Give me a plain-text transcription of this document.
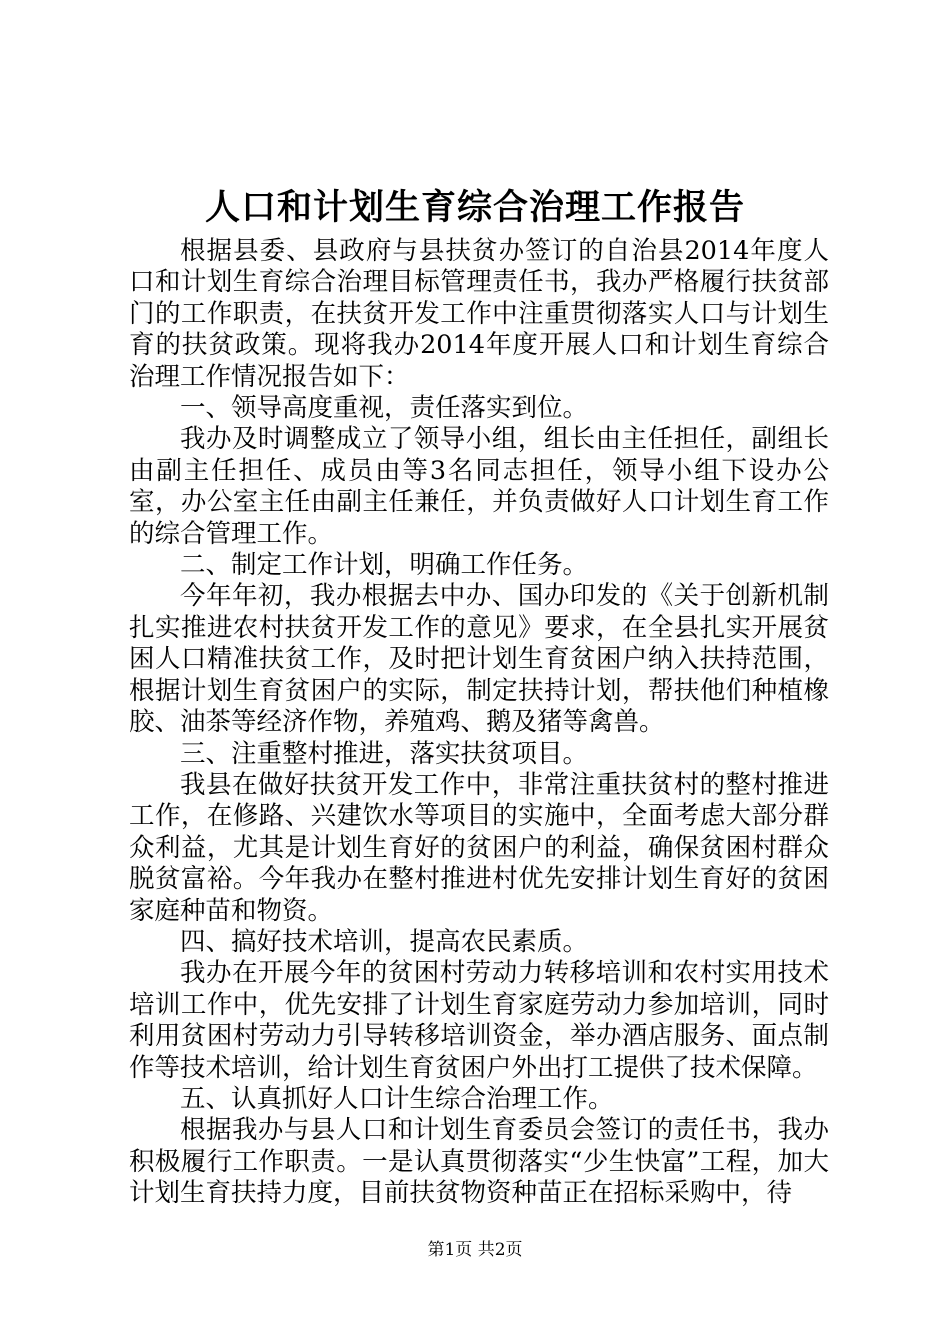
人口和计划生育综合治理工作报告

根据县委、县政府与县扶贫办签订的自治县2014年度人口和计划生育综合治理目标管理责任书，我办严格履行扶贫部门的工作职责，在扶贫开发工作中注重贯彻落实人口与计划生育的扶贫政策。现将我办2014年度开展人口和计划生育综合治理工作情况报告如下：

一、领导高度重视，责任落实到位。

我办及时调整成立了领导小组，组长由主任担任，副组长由副主任担任、成员由等3名同志担任，领导小组下设办公室，办公室主任由副主任兼任，并负责做好人口计划生育工作的综合管理工作。

二、制定工作计划，明确工作任务。

今年年初，我办根据去中办、国办印发的《关于创新机制扎实推进农村扶贫开发工作的意见》要求，在全县扎实开展贫困人口精准扶贫工作，及时把计划生育贫困户纳入扶持范围，根据计划生育贫困户的实际，制定扶持计划，帮扶他们种植橡胶、油茶等经济作物，养殖鸡、鹅及猪等禽兽。

三、注重整村推进，落实扶贫项目。

我县在做好扶贫开发工作中，非常注重扶贫村的整村推进工作，在修路、兴建饮水等项目的实施中，全面考虑大部分群众利益，尤其是计划生育好的贫困户的利益，确保贫困村群众脱贫富裕。今年我办在整村推进村优先安排计划生育好的贫困家庭种苗和物资。

四、搞好技术培训，提高农民素质。

我办在开展今年的贫困村劳动力转移培训和农村实用技术培训工作中，优先安排了计划生育家庭劳动力参加培训，同时利用贫困村劳动力引导转移培训资金，举办酒店服务、面点制作等技术培训，给计划生育贫困户外出打工提供了技术保障。

五、认真抓好人口计生综合治理工作。

根据我办与县人口和计划生育委员会签订的责任书，我办积极履行工作职责。一是认真贯彻落实“少生快富”工程，加大计划生育扶持力度，目前扶贫物资种苗正在招标采购中，待

第1页 共2页
